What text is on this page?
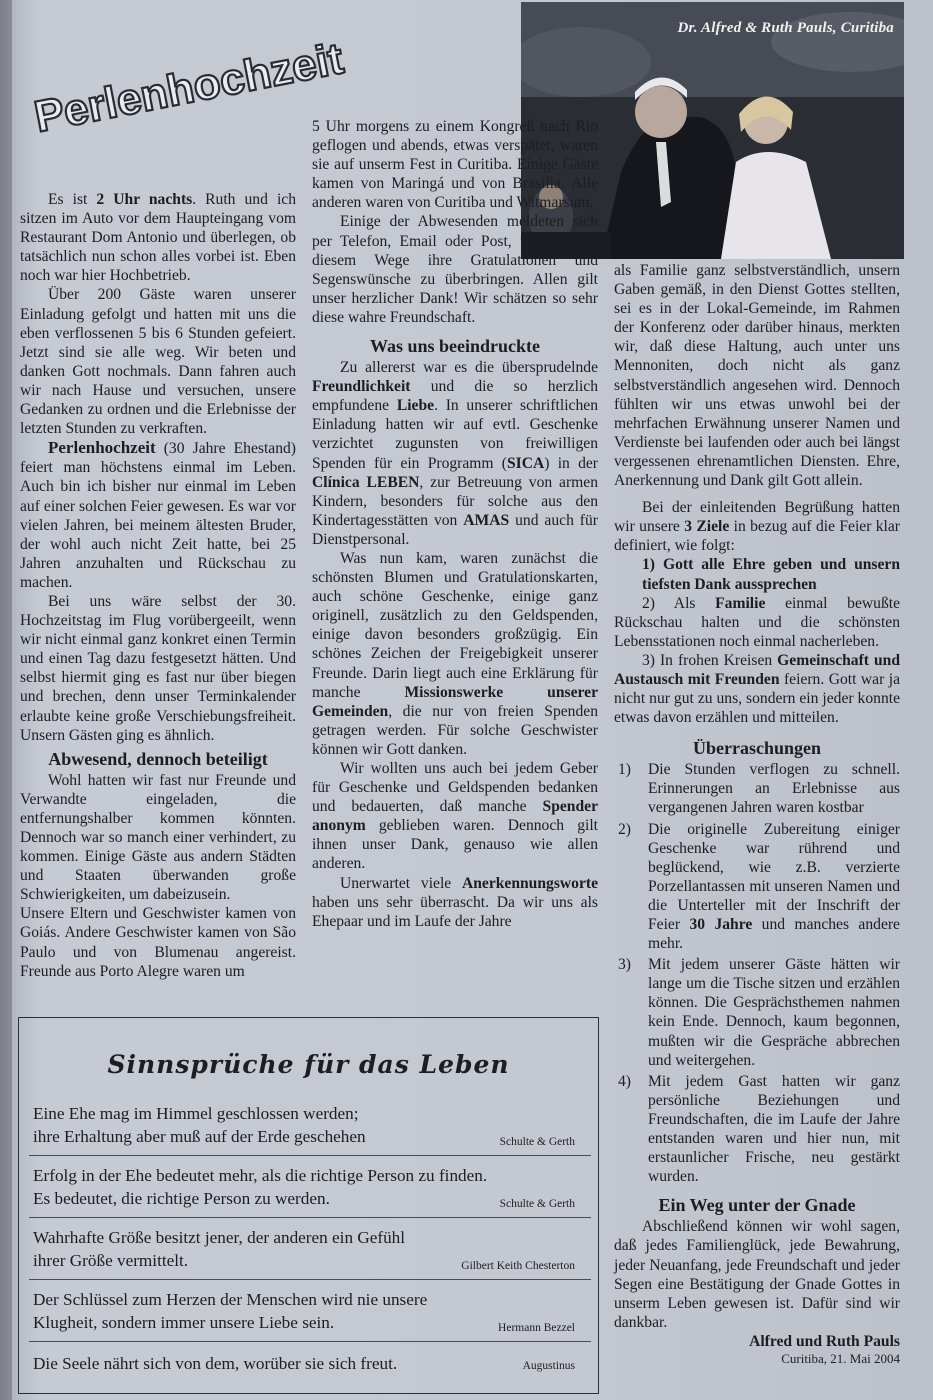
Perlenhochzeit
Dr. Alfred & Ruth Pauls, Curitiba

Es ist 2 Uhr nachts. Ruth und ich sitzen im Auto vor dem Haupteingang vom Restaurant Dom Antonio und überlegen, ob tatsächlich nun schon alles vorbei ist. Eben noch war hier Hochbetrieb.

Über 200 Gäste waren unserer Einladung gefolgt und hatten mit uns die eben verflossenen 5 bis 6 Stunden gefeiert. Jetzt sind sie alle weg. Wir beten und danken Gott nochmals. Dann fahren auch wir nach Hause und versuchen, unsere Gedanken zu ordnen und die Erlebnisse der letzten Stunden zu verkraften.

Perlenhochzeit (30 Jahre Ehestand) feiert man höchstens einmal im Leben. Auch bin ich bisher nur einmal im Leben auf einer solchen Feier gewesen. Es war vor vielen Jahren, bei meinem ältesten Bruder, der wohl auch nicht Zeit hatte, bei 25 Jahren anzuhalten und Rückschau zu machen.

Bei uns wäre selbst der 30. Hochzeitstag im Flug vorübergeeilt, wenn wir nicht einmal ganz konkret einen Termin und einen Tag dazu festgesetzt hätten. Und selbst hiermit ging es fast nur über biegen und brechen, denn unser Terminkalender erlaubte keine große Verschiebungsfreiheit. Unsern Gästen ging es ähnlich.

Abwesend, dennoch beteiligt

Wohl hatten wir fast nur Freunde und Verwandte eingeladen, die entfernungshalber kommen könnten. Dennoch war so manch einer verhindert, zu kommen. Einige Gäste aus andern Städten und Staaten überwanden große Schwierigkeiten, um dabeizusein.

Unsere Eltern und Geschwister kamen von Goiás. Andere Geschwister kamen von São Paulo und von Blumenau angereist. Freunde aus Porto Alegre waren um

5 Uhr morgens zu einem Kongreß nach Rio geflogen und abends, etwas verspätet, waren sie auf unserm Fest in Curitiba. Einige Gäste kamen von Maringá und von Brasilia. Alle anderen waren von Curitiba und Witmarsum.

Einige der Abwesenden meldeten sich per Telefon, Email oder Post, um uns auf diesem Wege ihre Gratulationen und Segenswünsche zu überbringen. Allen gilt unser herzlicher Dank! Wir schätzen so sehr diese wahre Freundschaft.

Was uns beeindruckte

Zu allererst war es die übersprudelnde Freundlichkeit und die so herzlich empfundene Liebe. In unserer schriftlichen Einladung hatten wir auf evtl. Geschenke verzichtet zugunsten von freiwilligen Spenden für ein Programm (SICA) in der Clínica LEBEN, zur Betreuung von armen Kindern, besonders für solche aus den Kindertagesstätten von AMAS und auch für Dienstpersonal.

Was nun kam, waren zunächst die schönsten Blumen und Gratulationskarten, auch schöne Geschenke, einige ganz originell, zusätzlich zu den Geldspenden, einige davon besonders großzügig. Ein schönes Zeichen der Freigebigkeit unserer Freunde. Darin liegt auch eine Erklärung für manche Missionswerke unserer Gemeinden, die nur von freien Spenden getragen werden. Für solche Geschwister können wir Gott danken.

Wir wollten uns auch bei jedem Geber für Geschenke und Geldspenden bedanken und bedauerten, daß manche Spender anonym geblieben waren. Dennoch gilt ihnen unser Dank, genauso wie allen anderen.

Unerwartet viele Anerkennungsworte haben uns sehr überrascht. Da wir uns als Ehepaar und im Laufe der Jahre

als Familie ganz selbstverständlich, unsern Gaben gemäß, in den Dienst Gottes stellten, sei es in der Lokal-Gemeinde, im Rahmen der Konferenz oder darüber hinaus, merkten wir, daß diese Haltung, auch unter uns Mennoniten, doch nicht als ganz selbstverständlich angesehen wird. Dennoch fühlten wir uns etwas unwohl bei der mehrfachen Erwähnung unserer Namen und Verdienste bei laufenden oder auch bei längst vergessenen ehrenamtlichen Diensten. Ehre, Anerkennung und Dank gilt Gott allein.

Bei der einleitenden Begrüßung hatten wir unsere 3 Ziele in bezug auf die Feier klar definiert, wie folgt:

1) Gott alle Ehre geben und unsern tiefsten Dank aussprechen

2) Als Familie einmal bewußte Rückschau halten und die schönsten Lebensstationen noch einmal nacherleben.

3) In frohen Kreisen Gemeinschaft und Austausch mit Freunden feiern. Gott war ja nicht nur gut zu uns, sondern ein jeder konnte etwas davon erzählen und mitteilen.

Überraschungen
1) Die Stunden verflogen zu schnell. Erinnerungen an Erlebnisse aus vergangenen Jahren waren kostbar
2) Die originelle Zubereitung einiger Geschenke war rührend und beglückend, wie z.B. verzierte Porzellantassen mit unseren Namen und die Unterteller mit der Inschrift der Feier 30 Jahre und manches andere mehr.
3) Mit jedem unserer Gäste hätten wir lange um die Tische sitzen und erzählen können. Die Gesprächsthemen nahmen kein Ende. Dennoch, kaum begonnen, mußten wir die Gespräche abbrechen und weitergehen.
4) Mit jedem Gast hatten wir ganz persönliche Beziehungen und Freundschaften, die im Laufe der Jahre entstanden waren und hier nun, mit erstaunlicher Frische, neu gestärkt wurden.
Ein Weg unter der Gnade

Abschließend können wir wohl sagen, daß jedes Familienglück, jede Bewahrung, jeder Neuanfang, jede Freundschaft und jeder Segen eine Bestätigung der Gnade Gottes in unserm Leben gewesen ist. Dafür sind wir dankbar.

Alfred und Ruth Pauls
Curitiba, 21. Mai 2004
Sinnsprüche für das Leben
Eine Ehe mag im Himmel geschlossen werden;
ihre Erhaltung aber muß auf der Erde geschehen	Schulte & Gerth
Erfolg in der Ehe bedeutet mehr, als die richtige Person zu finden.
Es bedeutet, die richtige Person zu werden.	Schulte & Gerth
Wahrhafte Größe besitzt jener, der anderen ein Gefühl
ihrer Größe vermittelt.	Gilbert Keith Chesterton
Der Schlüssel zum Herzen der Menschen wird nie unsere
Klugheit, sondern immer unsere Liebe sein.	Hermann Bezzel
Die Seele nährt sich von dem, worüber sie sich freut.	Augustinus
